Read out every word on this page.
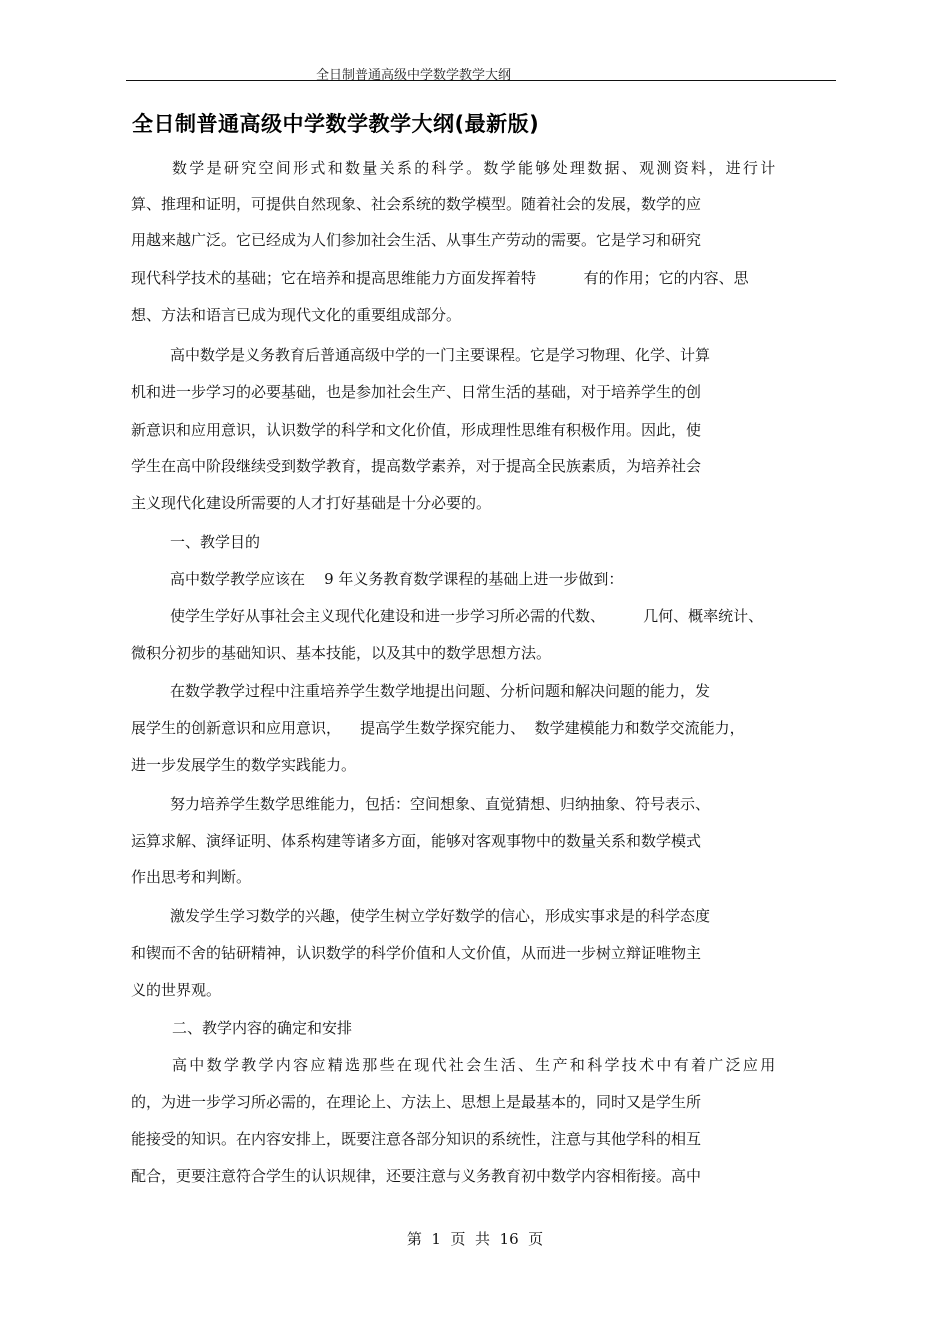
全日制普通高级中学数学教学大纲
全日制普通高级中学数学教学大纲(最新版)
数学是研究空间形式和数量关系的科学。数学能够处理数据、观测资料，进行计
算、推理和证明，可提供自然现象、社会系统的数学模型。随着社会的发展，数学的应
用越来越广泛。它已经成为人们参加社会生活、从事生产劳动的需要。它是学习和研究
现代科学技术的基础；它在培养和提高思维能力方面发挥着特          有的作用；它的内容、思
想、方法和语言已成为现代文化的重要组成部分。
高中数学是义务教育后普通高级中学的一门主要课程。它是学习物理、化学、计算
机和进一步学习的必要基础，也是参加社会生产、日常生活的基础，对于培养学生的创
新意识和应用意识，认识数学的科学和文化价值，形成理性思维有积极作用。因此，使
学生在高中阶段继续受到数学教育，提高数学素养，对于提高全民族素质，为培养社会
主义现代化建设所需要的人才打好基础是十分必要的。
一、教学目的
高中数学教学应该在    9 年义务教育数学课程的基础上进一步做到：
使学生学好从事社会主义现代化建设和进一步学习所必需的代数、        几何、概率统计、
微积分初步的基础知识、基本技能，以及其中的数学思想方法。
在数学教学过程中注重培养学生数学地提出问题、分析问题和解决问题的能力，发
展学生的创新意识和应用意识，    提高学生数学探究能力、  数学建模能力和数学交流能力，
进一步发展学生的数学实践能力。
努力培养学生数学思维能力，包括：空间想象、直觉猜想、归纳抽象、符号表示、
运算求解、演绎证明、体系构建等诸多方面，能够对客观事物中的数量关系和数学模式
作出思考和判断。
激发学生学习数学的兴趣，使学生树立学好数学的信心，形成实事求是的科学态度
和锲而不舍的钻研精神，认识数学的科学价值和人文价值，从而进一步树立辩证唯物主
义的世界观。
二、教学内容的确定和安排
高中数学教学内容应精选那些在现代社会生活、生产和科学技术中有着广泛应用
的，为进一步学习所必需的，在理论上、方法上、思想上是最基本的，同时又是学生所
能接受的知识。在内容安排上，既要注意各部分知识的系统性，注意与其他学科的相互
配合，更要注意符合学生的认识规律，还要注意与义务教育初中数学内容相衔接。高中
第  1  页  共  16  页
